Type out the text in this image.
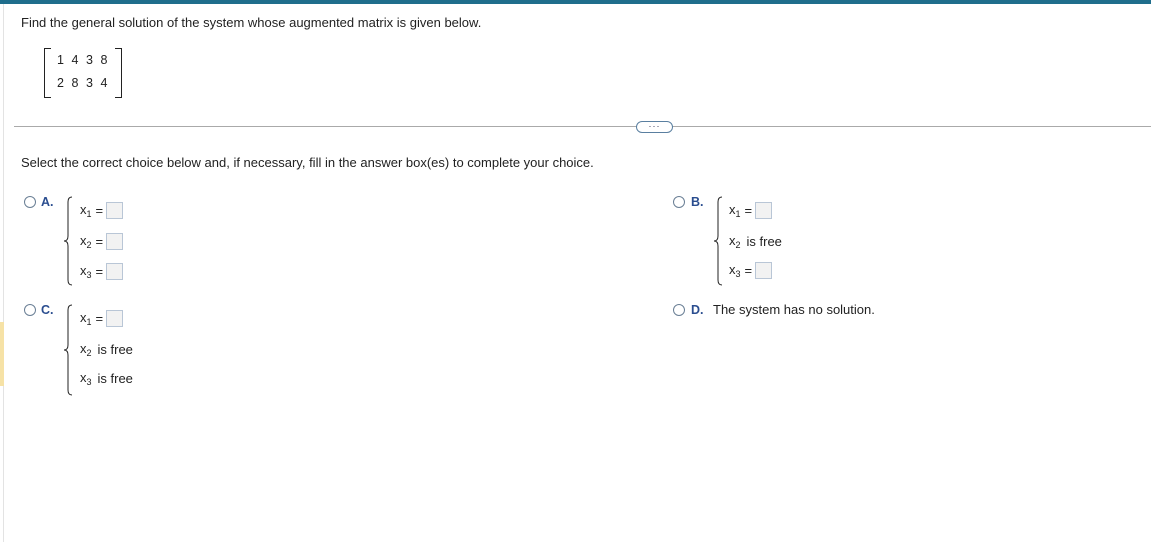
Find the general solution of the system whose augmented matrix is given below.
1 4 3 8
2 8 3 4
···
Select the correct choice below and, if necessary, fill in the answer box(es) to complete your choice.
A. $x_1$ =
$x_2$ =
$x_3$ =
B. $x_1$ =
$x_2$ is free
$x_3$ =
C. $x_1$ =
$x_2$ is free
$x_3$ is free
D. The system has no solution.
